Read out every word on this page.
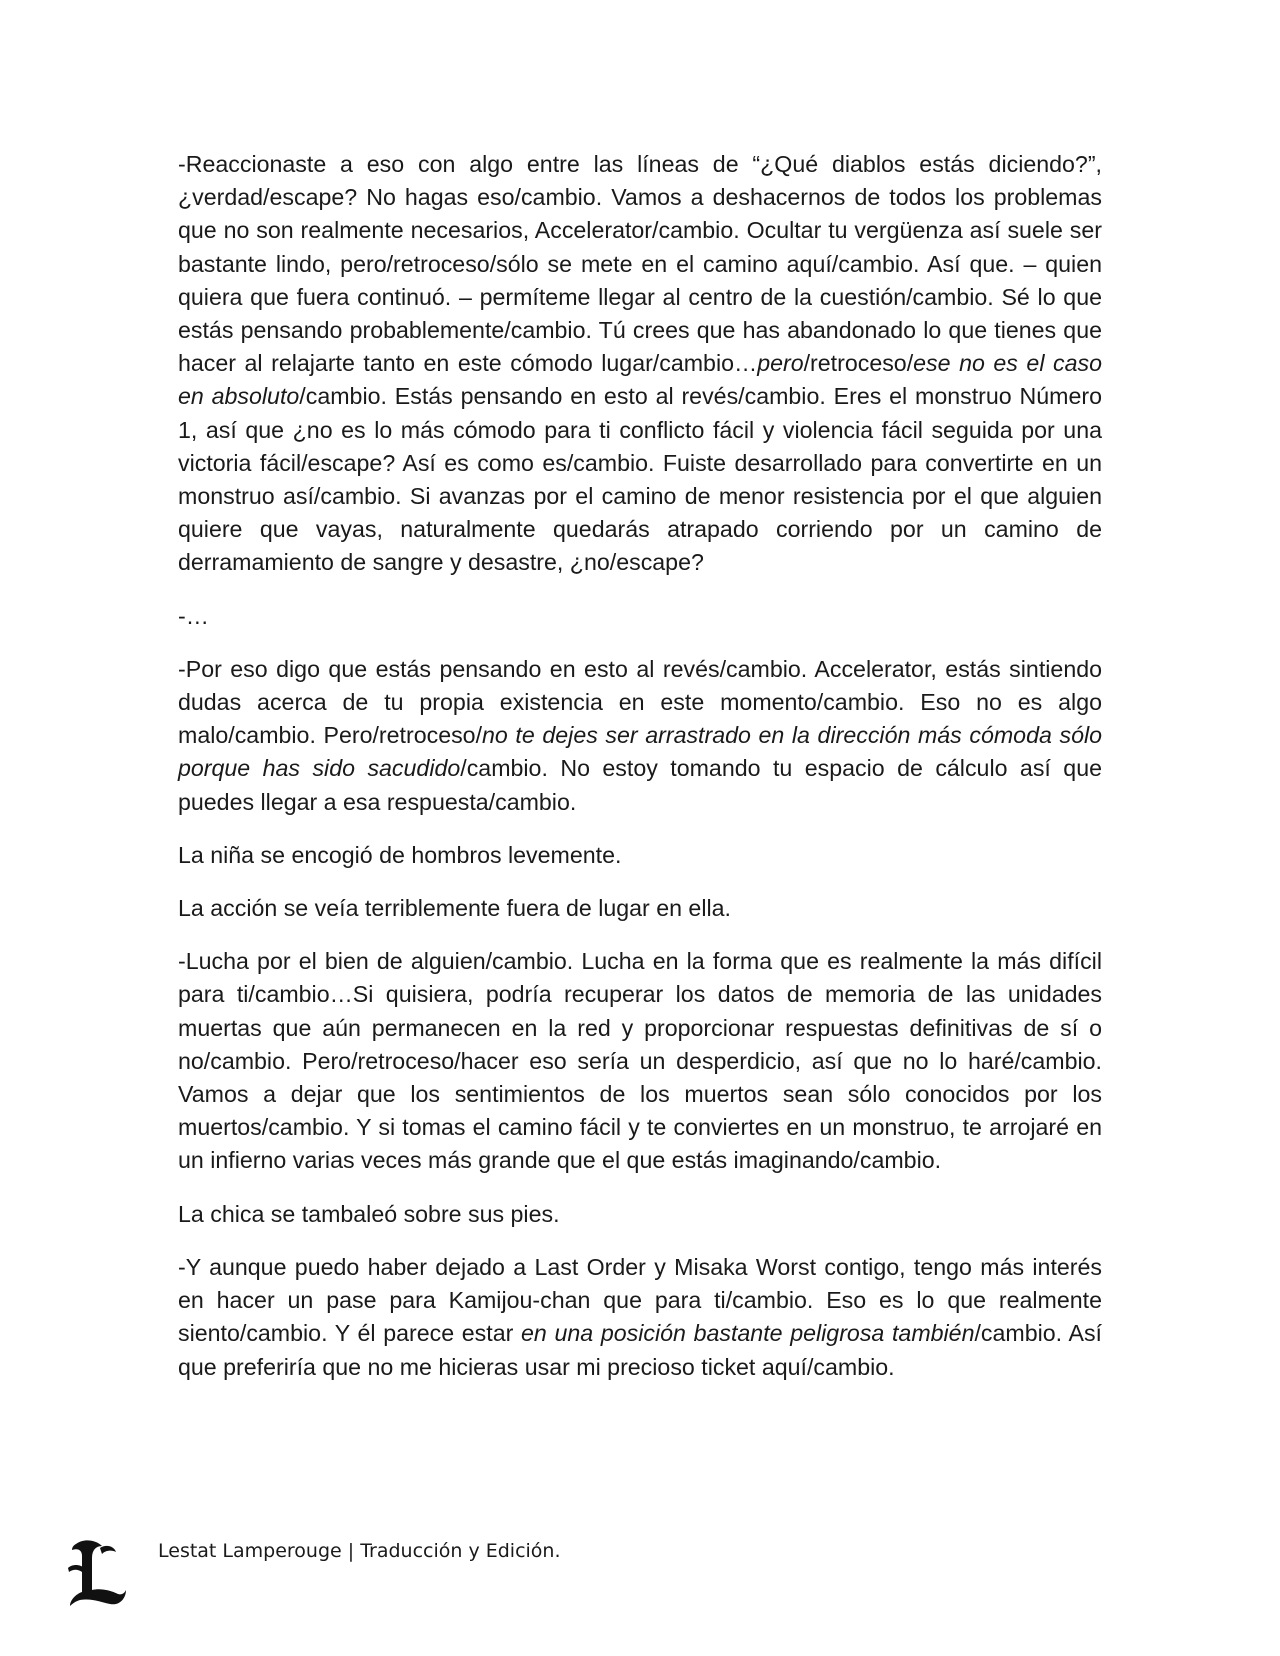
-Reaccionaste a eso con algo entre las líneas de “¿Qué diablos estás diciendo?”, ¿verdad/escape? No hagas eso/cambio. Vamos a deshacernos de todos los problemas que no son realmente necesarios, Accelerator/cambio. Ocultar tu vergüenza así suele ser bastante lindo, pero/retroceso/sólo se mete en el camino aquí/cambio. Así que. – quien quiera que fuera continuó. – permíteme llegar al centro de la cuestión/cambio. Sé lo que estás pensando probablemente/cambio. Tú crees que has abandonado lo que tienes que hacer al relajarte tanto en este cómodo lugar/cambio…pero/retroceso/ese no es el caso en absoluto/cambio. Estás pensando en esto al revés/cambio. Eres el monstruo Número 1, así que ¿no es lo más cómodo para ti conflicto fácil y violencia fácil seguida por una victoria fácil/escape? Así es como es/cambio. Fuiste desarrollado para convertirte en un monstruo así/cambio. Si avanzas por el camino de menor resistencia por el que alguien quiere que vayas, naturalmente quedarás atrapado corriendo por un camino de derramamiento de sangre y desastre, ¿no/escape?

-…

-Por eso digo que estás pensando en esto al revés/cambio. Accelerator, estás sintiendo dudas acerca de tu propia existencia en este momento/cambio. Eso no es algo malo/cambio. Pero/retroceso/no te dejes ser arrastrado en la dirección más cómoda sólo porque has sido sacudido/cambio. No estoy tomando tu espacio de cálculo así que puedes llegar a esa respuesta/cambio.

La niña se encogió de hombros levemente.

La acción se veía terriblemente fuera de lugar en ella.

-Lucha por el bien de alguien/cambio. Lucha en la forma que es realmente la más difícil para ti/cambio…Si quisiera, podría recuperar los datos de memoria de las unidades muertas que aún permanecen en la red y proporcionar respuestas definitivas de sí o no/cambio. Pero/retroceso/hacer eso sería un desperdicio, así que no lo haré/cambio. Vamos a dejar que los sentimientos de los muertos sean sólo conocidos por los muertos/cambio. Y si tomas el camino fácil y te conviertes en un monstruo, te arrojaré en un infierno varias veces más grande que el que estás imaginando/cambio.

La chica se tambaleó sobre sus pies.

-Y aunque puedo haber dejado a Last Order y Misaka Worst contigo, tengo más interés en hacer un pase para Kamijou-chan que para ti/cambio. Eso es lo que realmente siento/cambio. Y él parece estar en una posición bastante peligrosa también/cambio. Así que preferiría que no me hicieras usar mi precioso ticket aquí/cambio.

Lestat Lamperouge | Traducción y Edición.
